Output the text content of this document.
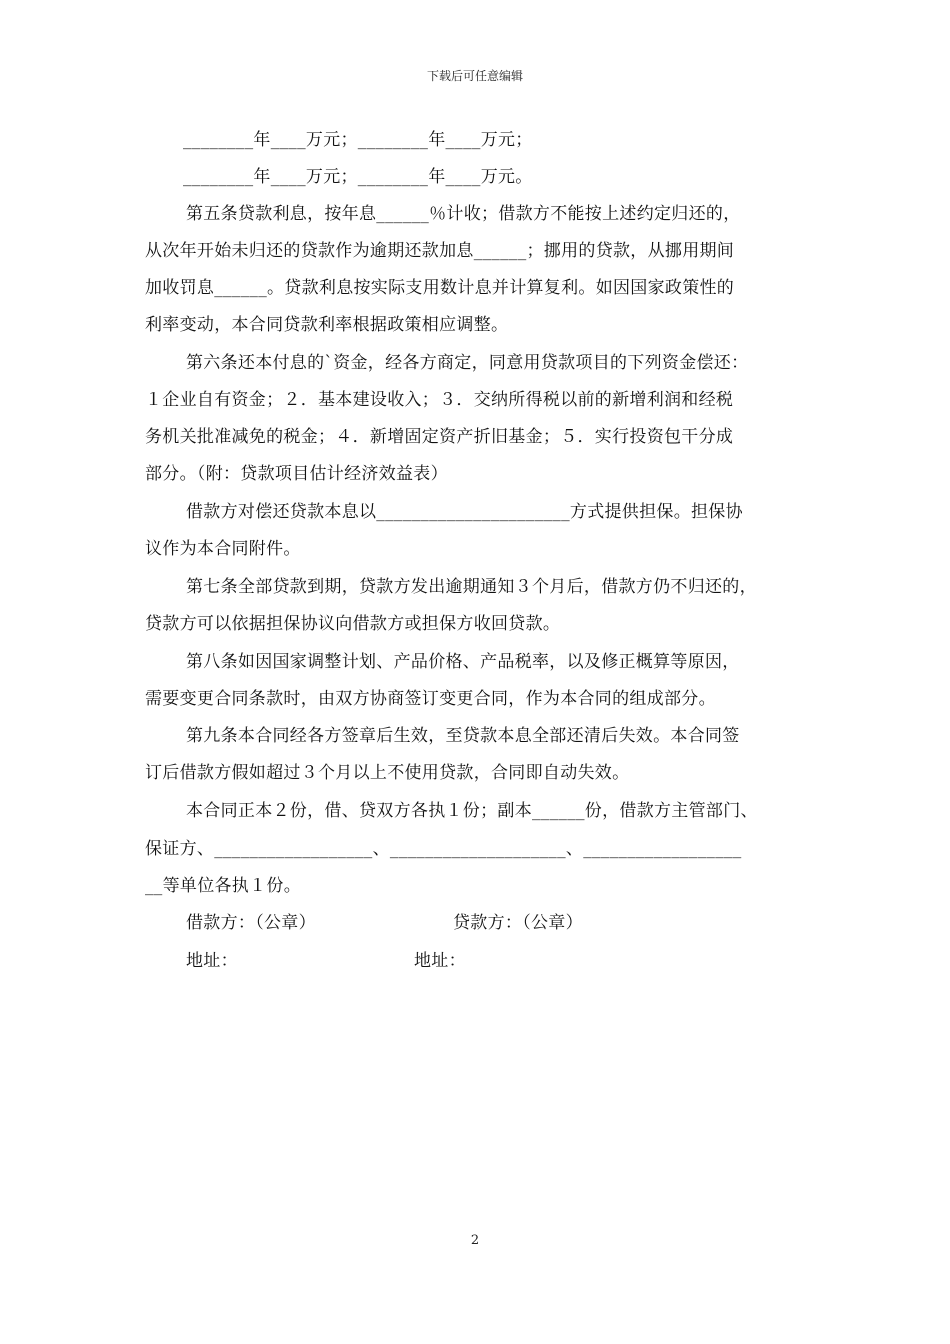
下载后可任意编辑
________年____万元；________年____万元；
________年____万元；________年____万元。
第五条贷款利息，按年息______％计收；借款方不能按上述约定归还的，
从次年开始未归还的贷款作为逾期还款加息______；挪用的贷款，从挪用期间
加收罚息______。贷款利息按实际支用数计息并计算复利。如因国家政策性的
利率变动，本合同贷款利率根据政策相应调整。
第六条还本付息的`资金，经各方商定，同意用贷款项目的下列资金偿还：
１企业自有资金；２．基本建设收入；３．交纳所得税以前的新增利润和经税
务机关批准减免的税金；４．新增固定资产折旧基金；５．实行投资包干分成
部分。（附：贷款项目估计经济效益表）
借款方对偿还贷款本息以______________________方式提供担保。担保协
议作为本合同附件。
第七条全部贷款到期，贷款方发出逾期通知３个月后，借款方仍不归还的，
贷款方可以依据担保协议向借款方或担保方收回贷款。
第八条如因国家调整计划、产品价格、产品税率，以及修正概算等原因，
需要变更合同条款时，由双方协商签订变更合同，作为本合同的组成部分。
第九条本合同经各方签章后生效，至贷款本息全部还清后失效。本合同签
订后借款方假如超过３个月以上不使用贷款，合同即自动失效。
本合同正本２份，借、贷双方各执１份；副本______份，借款方主管部门、
保证方、__________________、____________________、__________________
__等单位各执１份。
借款方：（公章）	贷款方：（公章）
地址：	地址：
2
